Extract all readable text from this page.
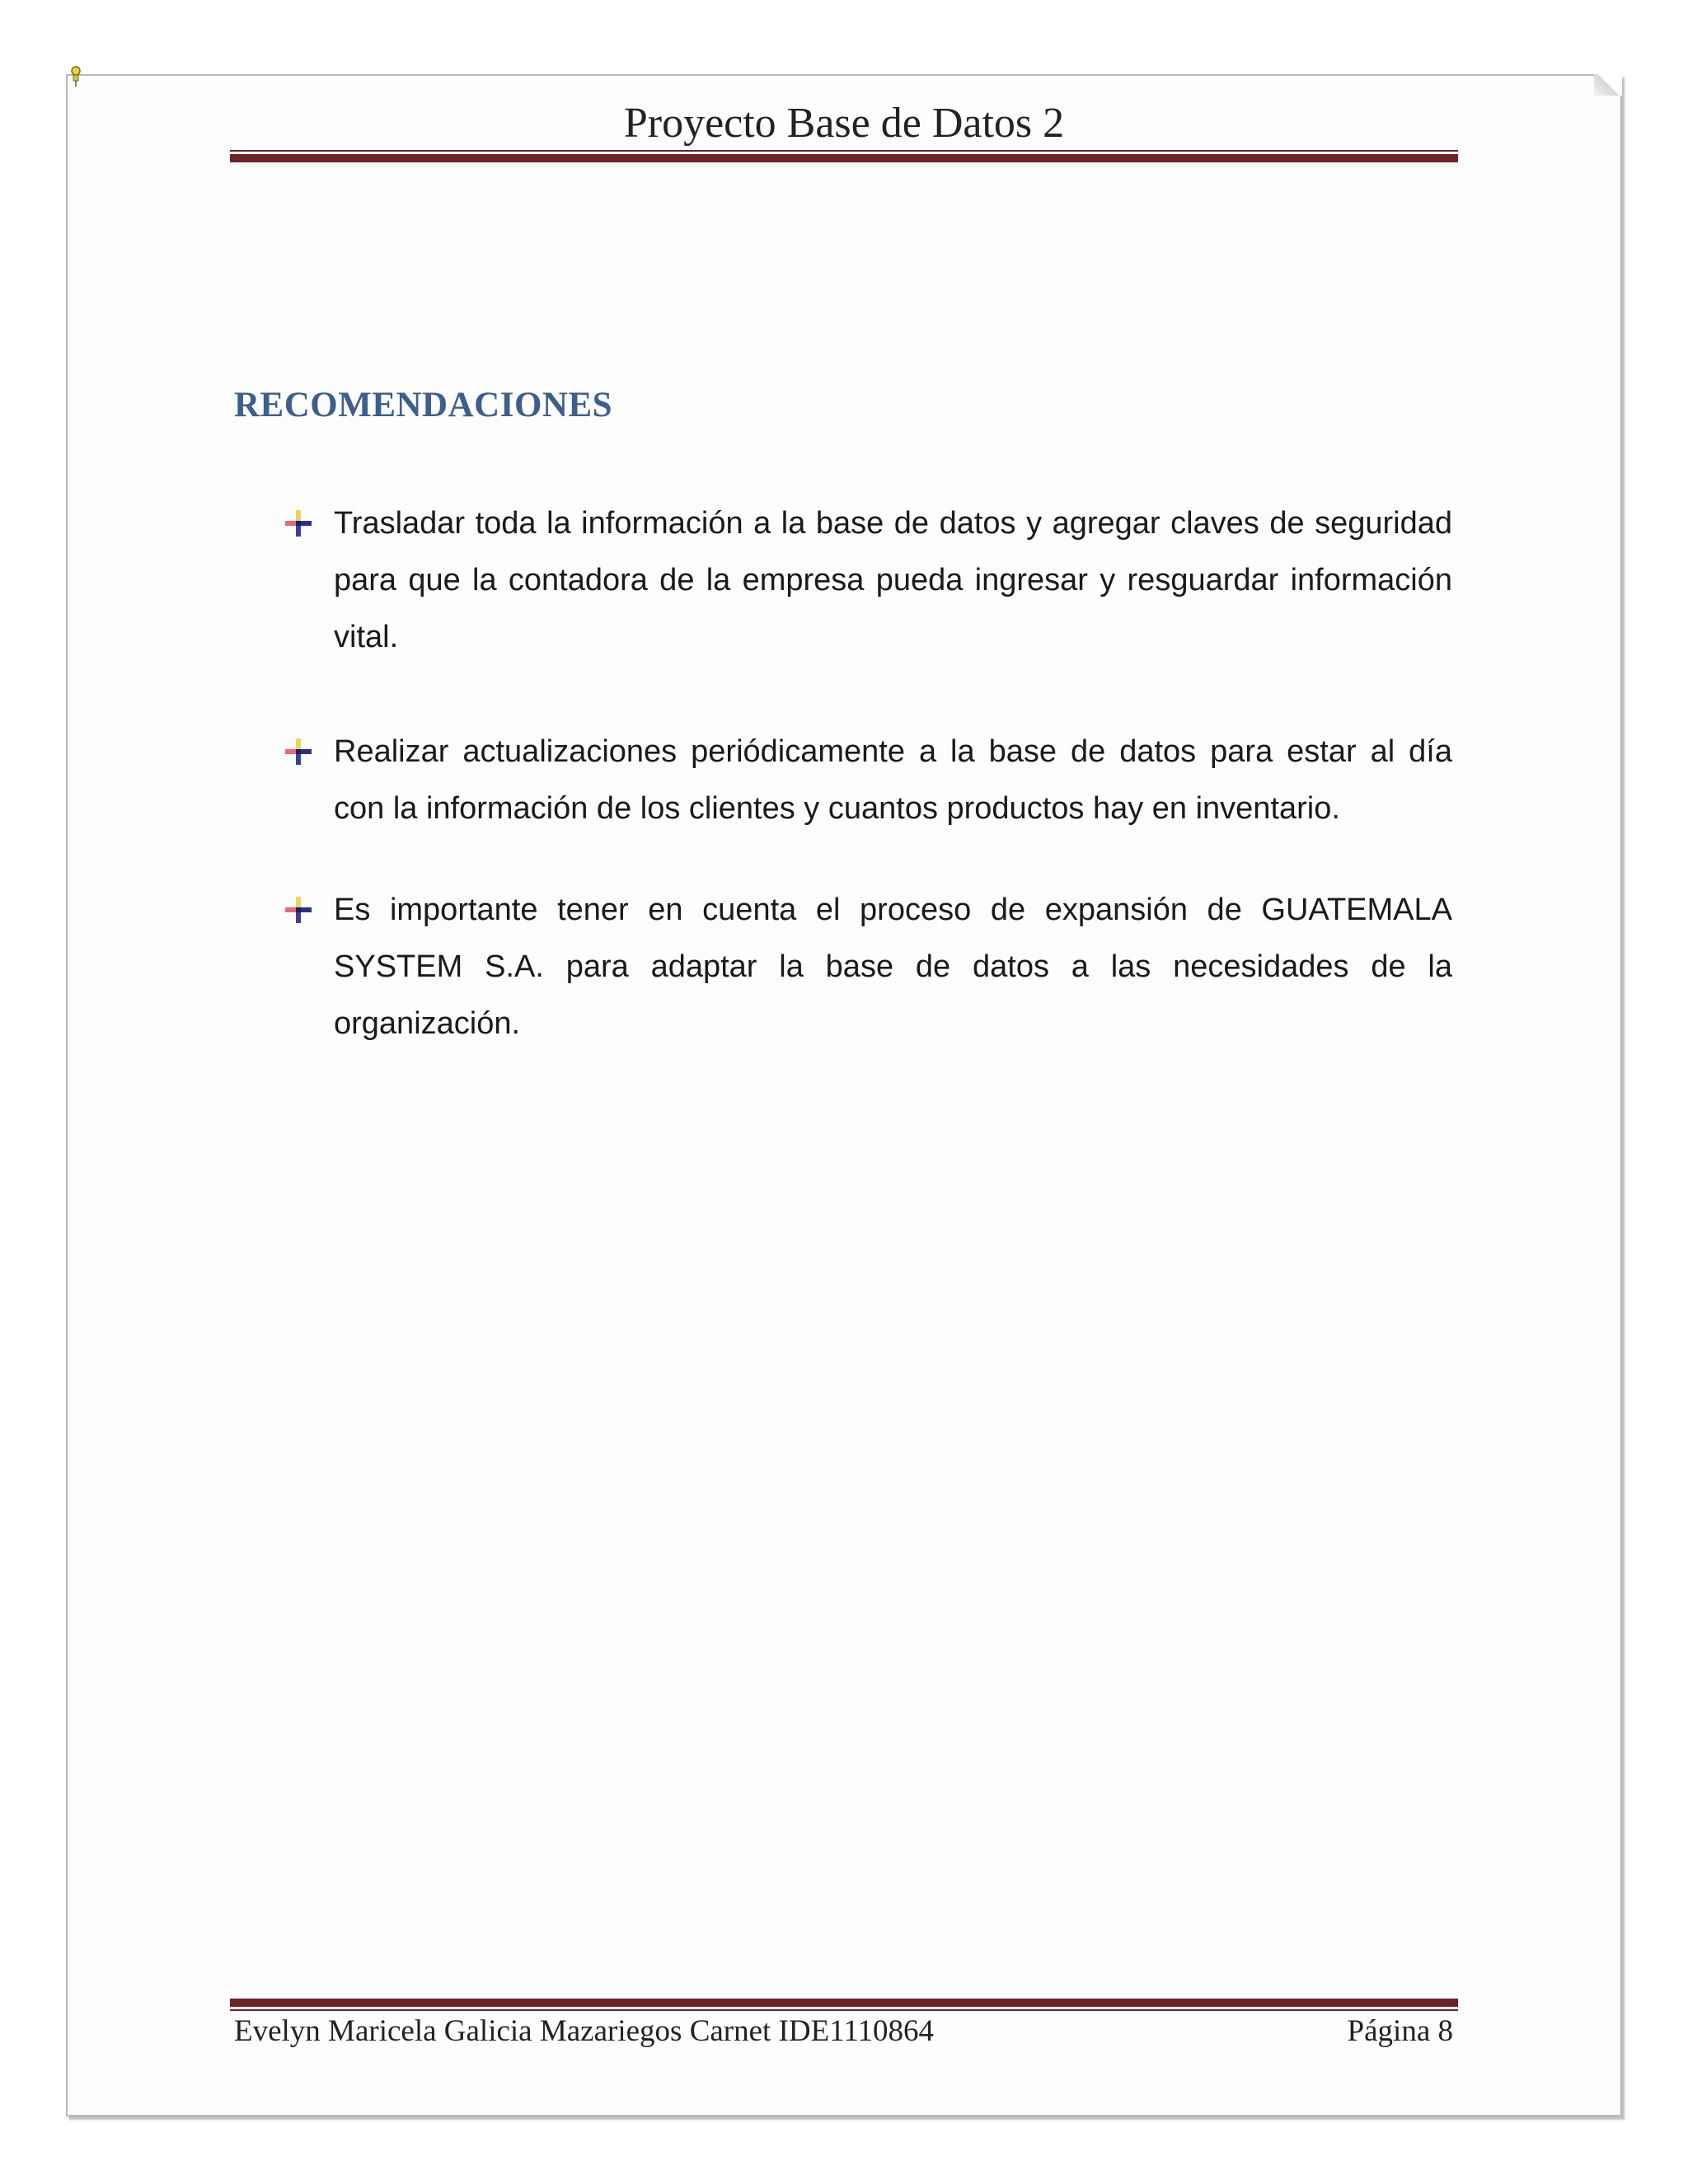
Proyecto Base de Datos 2
RECOMENDACIONES

Trasladar toda la información a la base de datos y agregar claves de seguridad para que la contadora de la empresa pueda ingresar y resguardar información vital.

Realizar actualizaciones periódicamente a la base de datos para estar al día con la información de los clientes y cuantos productos hay en inventario.

Es importante tener en cuenta el proceso de expansión de GUATEMALA SYSTEM S.A. para adaptar la base de datos a las necesidades de la organización.

Evelyn Maricela Galicia Mazariegos Carnet IDE1110864	Página 8
